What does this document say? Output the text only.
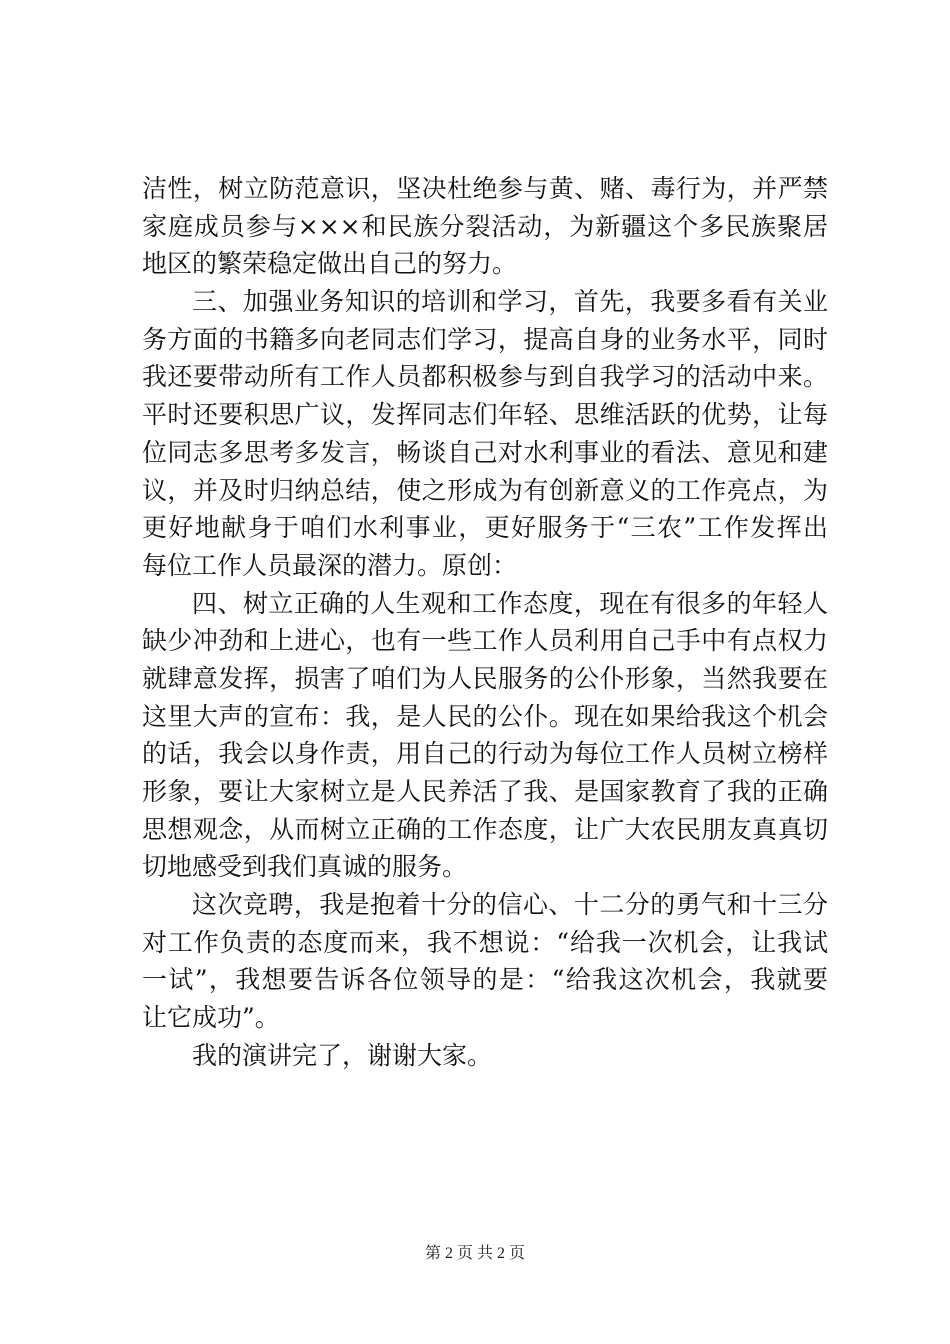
洁性，树立防范意识，坚决杜绝参与黄、赌、毒行为，并严禁
家庭成员参与×××和民族分裂活动，为新疆这个多民族聚居
地区的繁荣稳定做出自己的努力。
三、加强业务知识的培训和学习，首先，我要多看有关业
务方面的书籍多向老同志们学习，提高自身的业务水平，同时
我还要带动所有工作人员都积极参与到自我学习的活动中来。
平时还要积思广议，发挥同志们年轻、思维活跃的优势，让每
位同志多思考多发言，畅谈自己对水利事业的看法、意见和建
议，并及时归纳总结，使之形成为有创新意义的工作亮点，为
更好地献身于咱们水利事业，更好服务于“三农”工作发挥出
每位工作人员最深的潜力。原创：
四、树立正确的人生观和工作态度，现在有很多的年轻人
缺少冲劲和上进心，也有一些工作人员利用自己手中有点权力
就肆意发挥，损害了咱们为人民服务的公仆形象，当然我要在
这里大声的宣布：我，是人民的公仆。现在如果给我这个机会
的话，我会以身作责，用自己的行动为每位工作人员树立榜样
形象，要让大家树立是人民养活了我、是国家教育了我的正确
思想观念，从而树立正确的工作态度，让广大农民朋友真真切
切地感受到我们真诚的服务。
这次竞聘，我是抱着十分的信心、十二分的勇气和十三分
对工作负责的态度而来，我不想说：“给我一次机会，让我试
一试”，我想要告诉各位领导的是：“给我这次机会，我就要
让它成功”。
我的演讲完了，谢谢大家。
第 2 页 共 2 页
